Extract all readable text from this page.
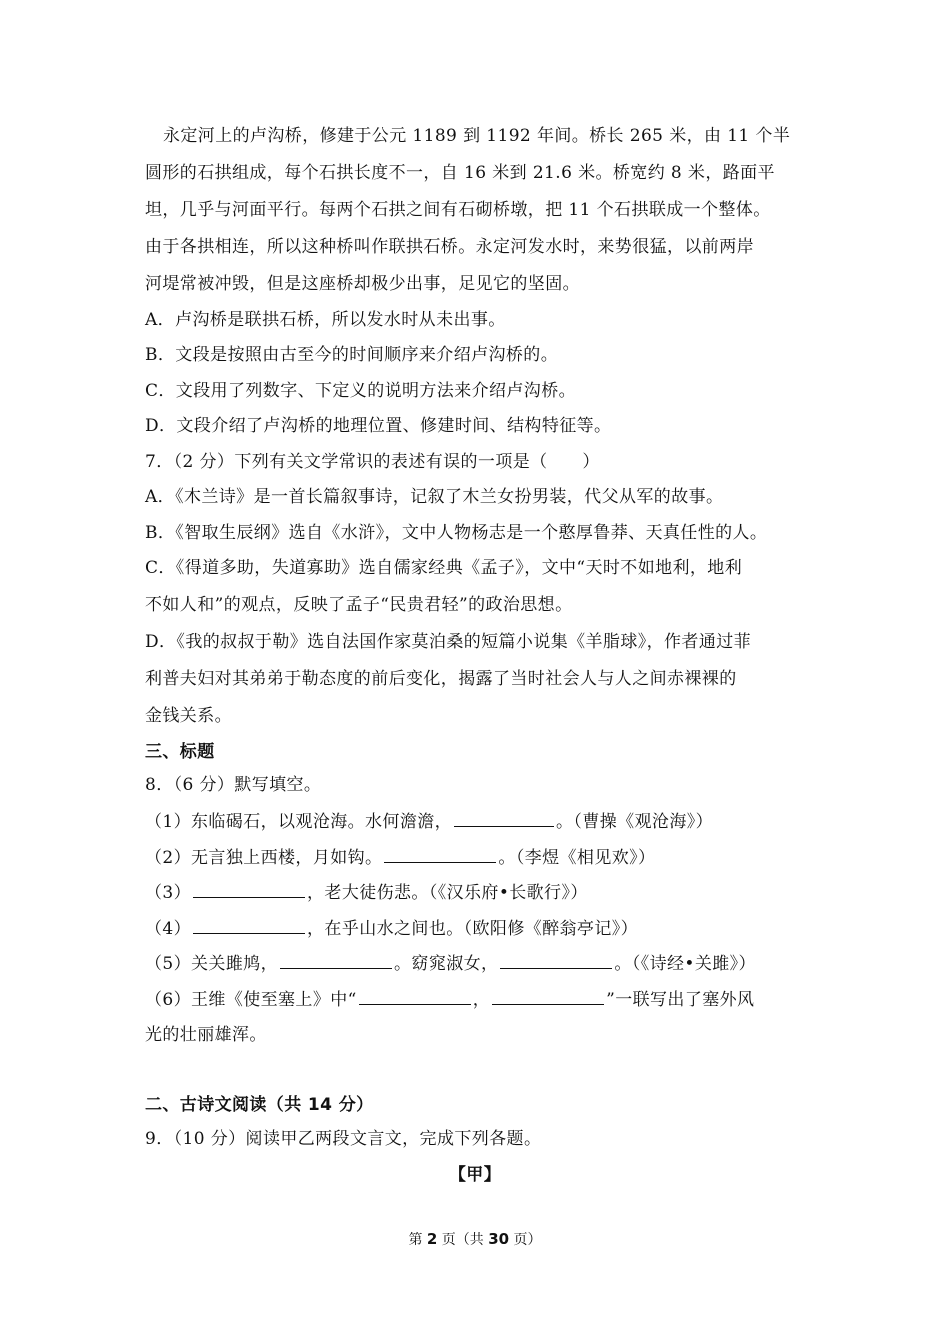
永定河上的卢沟桥，修建于公元 1189 到 1192 年间。桥长 265 米，由 11 个半
圆形的石拱组成，每个石拱长度不一，自 16 米到 21.6 米。桥宽约 8 米，路面平
坦，几乎与河面平行。每两个石拱之间有石砌桥墩，把 11 个石拱联成一个整体。
由于各拱相连，所以这种桥叫作联拱石桥。永定河发水时，来势很猛，以前两岸
河堤常被冲毁，但是这座桥却极少出事，足见它的坚固。
A．卢沟桥是联拱石桥，所以发水时从未出事。
B．文段是按照由古至今的时间顺序来介绍卢沟桥的。
C．文段用了列数字、下定义的说明方法来介绍卢沟桥。
D．文段介绍了卢沟桥的地理位置、修建时间、结构特征等。
7．（2 分）下列有关文学常识的表述有误的一项是（　　）
A．《木兰诗》是一首长篇叙事诗，记叙了木兰女扮男装，代父从军的故事。
B．《智取生辰纲》选自《水浒》，文中人物杨志是一个憨厚鲁莽、天真任性的人。
C．《得道多助，失道寡助》选自儒家经典《孟子》，文中“天时不如地利，地利
不如人和”的观点，反映了孟子“民贵君轻”的政治思想。
D．《我的叔叔于勒》选自法国作家莫泊桑的短篇小说集《羊脂球》，作者通过菲
利普夫妇对其弟弟于勒态度的前后变化，揭露了当时社会人与人之间赤裸裸的
金钱关系。
三、标题
8．（6 分）默写填空。
（1）东临碣石，以观沧海。水何澹澹，	。（曹操《观沧海》）
（2）无言独上西楼，月如钩。	。（李煜《相见欢》）
（3）	，老大徒伤悲。（《汉乐府•长歌行》）
（4）	，在乎山水之间也。（欧阳修《醉翁亭记》）
（5）关关雎鸠，	。窈窕淑女，	。（《诗经•关雎》）
（6）王维《使至塞上》中“	，	”一联写出了塞外风
光的壮丽雄浑。
二、古诗文阅读（共 14 分）
9．（10 分）阅读甲乙两段文言文，完成下列各题。
【甲】
第 2 页（共 30 页）
